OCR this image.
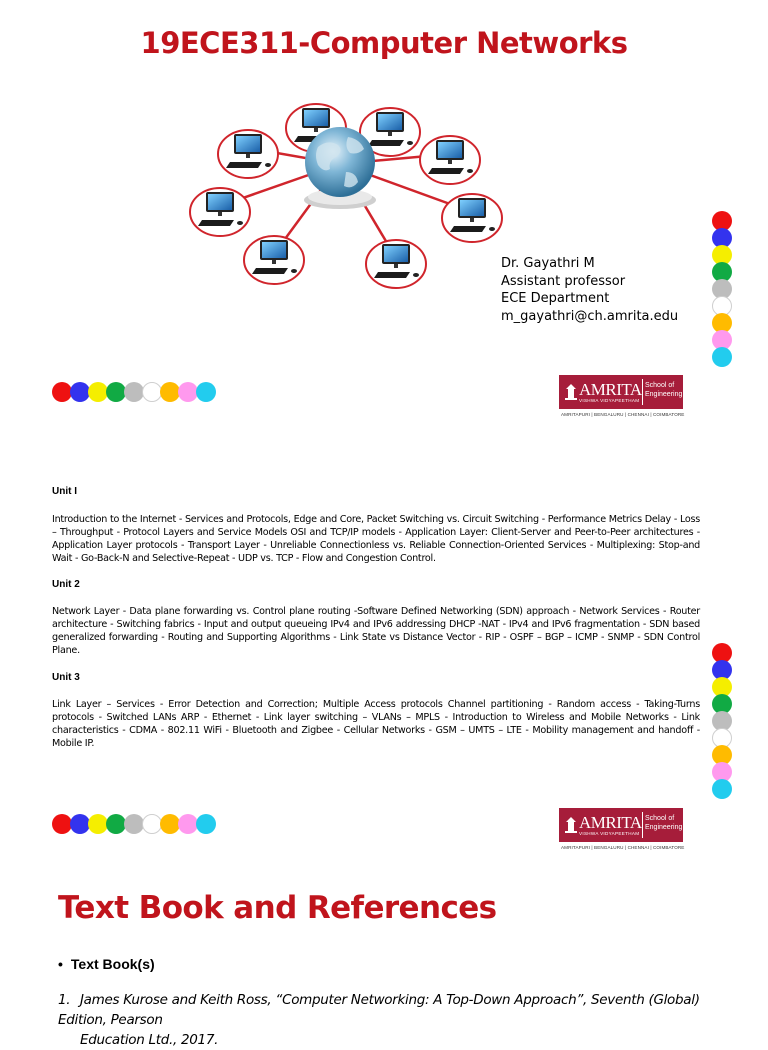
19ECE311-Computer Networks
Dr. Gayathri M
Assistant professor
ECE Department
m_gayathri@ch.amrita.edu
AMRITA
VISHWA VIDYAPEETHAM
School of Engineering
AMRITAPURI | BENGALURU | CHENNAI | COIMBATORE
Unit I

Introduction to the Internet - Services and Protocols, Edge and Core, Packet Switching vs. Circuit Switching - Performance Metrics Delay - Loss – Throughput - Protocol Layers and Service Models OSI and TCP/IP models - Application Layer: Client-Server and Peer-to-Peer architectures - Application Layer protocols - Transport Layer - Unreliable Connectionless vs. Reliable Connection-Oriented Services - Multiplexing: Stop-and Wait - Go-Back-N and Selective-Repeat - UDP vs. TCP - Flow and Congestion Control.

Unit 2

Network Layer - Data plane forwarding vs. Control plane routing -Software Defined Networking (SDN) approach - Network Services - Router architecture - Switching fabrics - Input and output queueing IPv4 and IPv6 addressing DHCP -NAT - IPv4 and IPv6 fragmentation - SDN based generalized forwarding - Routing and Supporting Algorithms - Link State vs Distance Vector - RIP - OSPF – BGP – ICMP - SNMP - SDN Control Plane.

Unit 3

Link Layer – Services - Error Detection and Correction; Multiple Access protocols Channel partitioning - Random access - Taking-Turns protocols - Switched LANs ARP - Ethernet - Link layer switching – VLANs – MPLS - Introduction to Wireless and Mobile Networks - Link characteristics - CDMA - 802.11 WiFi - Bluetooth and Zigbee - Cellular Networks - GSM – UMTS – LTE - Mobility management and handoff - Mobile IP.

AMRITA
VISHWA VIDYAPEETHAM
School of Engineering
AMRITAPURI | BENGALURU | CHENNAI | COIMBATORE
Text Book and References
• Text Book(s)
1. James Kurose and Keith Ross, “Computer Networking: A Top-Down Approach”, Seventh (Global) Edition, Pearson
Education Ltd., 2017.
